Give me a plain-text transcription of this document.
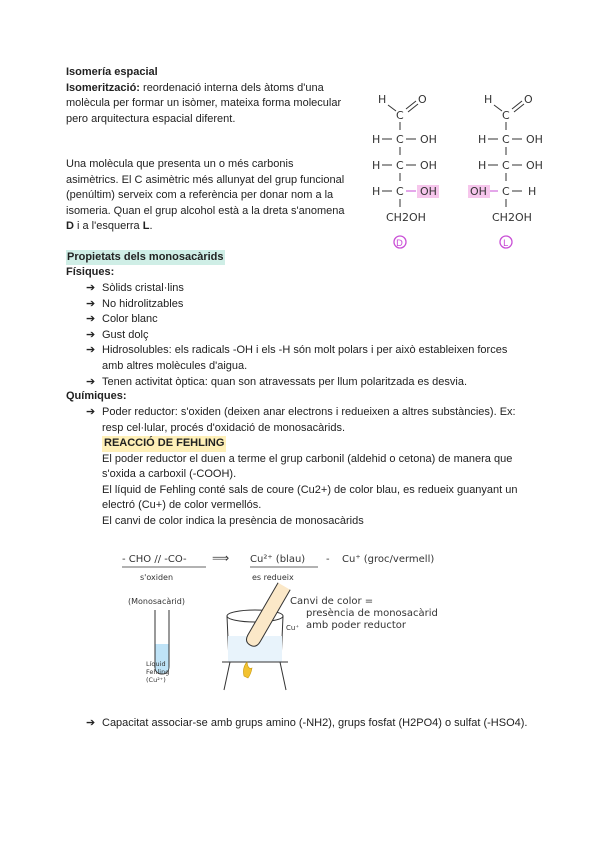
Isomería espacial
Isomerització: reordenació interna dels àtoms d'una molècula per formar un isòmer, mateixa forma molecular pero arquitectura espacial diferent.
Una molècula que presenta un o més carbonis asimètrics. El C asimètric més allunyat del grup funcional (penúltim) serveix com a referència per donar nom a la isomeria. Quan el grup alcohol està a la dreta s'anomena D i a l'esquerra L.
H
C
O
H C OH
H C OH
H C OH
CH2OH
D
H
C
O
H C OH
H C OH
OH C H
CH2OH
L
Propietats dels monosacàrids
Físiques:
➔ Sòlids cristal·lins
➔ No hidrolitzables
➔ Color blanc
➔ Gust dolç
➔ Hidrosolubles: els radicals -OH i els -H són molt polars i per això estableixen forces amb altres molècules d'aigua.
➔ Tenen activitat òptica: quan son atravessats per llum polaritzada es desvia.
Químiques:
➔ Poder reductor: s'oxiden (deixen anar electrons i redueixen a altres substàncies). Ex: resp cel·lular, procés d'oxidació de monosacàrids.
REACCIÓ DE FEHLING
El poder reductor el duen a terme el grup carbonil (aldehid o cetona) de manera que s'oxida a carboxil (-COOH).
El líquid de Fehling conté sals de coure (Cu2+) de color blau, es redueix guanyant un electró (Cu+) de color vermellós.
El canvi de color indica la presència de monosacàrids
- CHO // -CO- ⟹ Cu²⁺ (blau) - Cu⁺ (groc/vermell)
s'oxiden	es redueix
(Monosacàrid)
Líquid
Fehling
(Cu²⁺)
Cu⁺
Canvi de color =
presència de monosacàrid
amb poder reductor
➔ Capacitat associar-se amb grups amino (-NH2), grups fosfat (H2PO4) o sulfat (-HSO4).
